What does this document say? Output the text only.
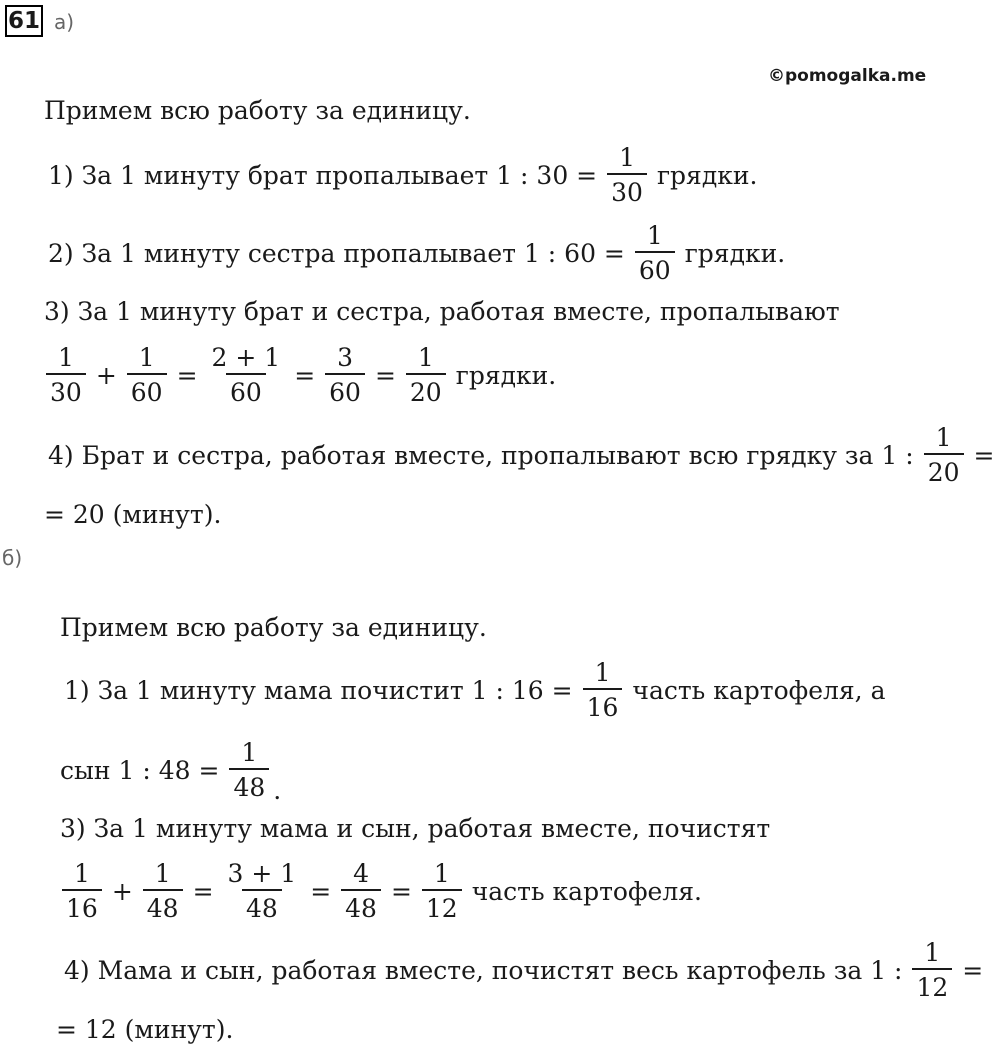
61 а)
©pomogalka.me
Примем всю работу за единицу.
1) За 1 минуту брат пропалывает 1 : $30 = \frac{1}{30}$ грядки.
2) За 1 минуту сестра пропалывает 1 : $60 = \frac{1}{60}$ грядки.
3) За 1 минуту брат и сестра, работая вместе, пропалывают
$\frac{1}{30} + \frac{1}{60} = \frac{2 + 1}{60} = \frac{3}{60} = \frac{1}{20}$ грядки.
4) Брат и сестра, работая вместе, пропалывают всю грядку за 1 : $\frac{1}{20}$ =
= 20 (минут).
б)
Примем всю работу за единицу.
1) За 1 минуту мама почистит 1 : $16 = \frac{1}{16}$ часть картофеля, а
сын 1 : $48 = \frac{1}{48}$ .
3) За 1 минуту мама и сын, работая вместе, почистят
$\frac{1}{16} + \frac{1}{48} = \frac{3 + 1}{48} = \frac{4}{48} = \frac{1}{12}$ часть картофеля.
4) Мама и сын, работая вместе, почистят весь картофель за 1 : $\frac{1}{12}$ =
= 12 (минут).
